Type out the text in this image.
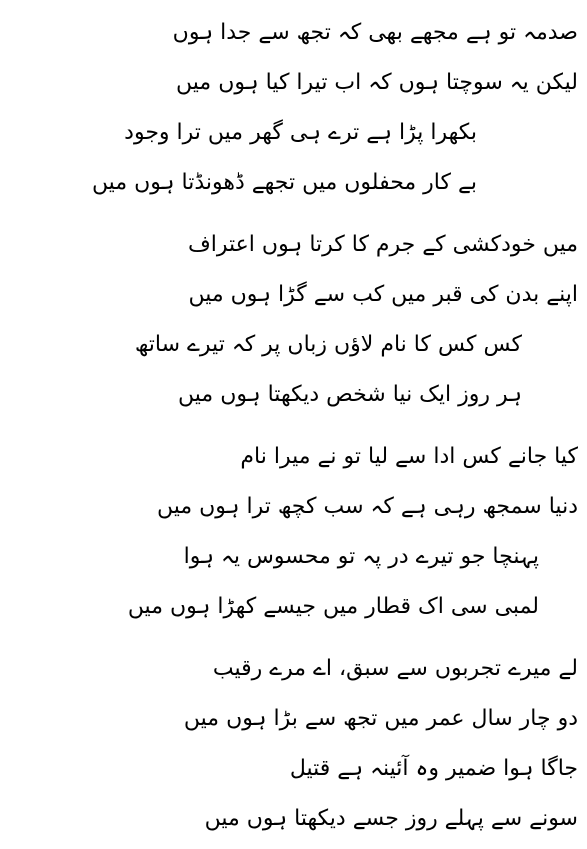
صدمہ تو ہے مجھے بھی کہ تجھ سے جدا ہوں
لیکن یہ سوچتا ہوں کہ اب تیرا کیا ہوں میں
بکھرا پڑا ہے ترے ہی گھر میں ترا وجود
بے کار محفلوں میں تجھے ڈھونڈتا ہوں میں
میں خودکشی کے جرم کا کرتا ہوں اعتراف
اپنے بدن کی قبر میں کب سے گڑا ہوں میں
کس کس کا نام لاؤں زباں پر کہ تیرے ساتھ
ہر روز ایک نیا شخص دیکھتا ہوں میں
کیا جانے کس ادا سے لیا تو نے میرا نام
دنیا سمجھ رہی ہے کہ سب کچھ ترا ہوں میں
پہنچا جو تیرے در پہ تو محسوس یہ ہوا
لمبی سی اک قطار میں جیسے کھڑا ہوں میں
لے میرے تجربوں سے سبق، اے مرے رقیب
دو چار سال عمر میں تجھ سے بڑا ہوں میں
جاگا ہوا ضمیر وہ آئینہ ہے قتیل
سونے سے پہلے روز جسے دیکھتا ہوں میں
